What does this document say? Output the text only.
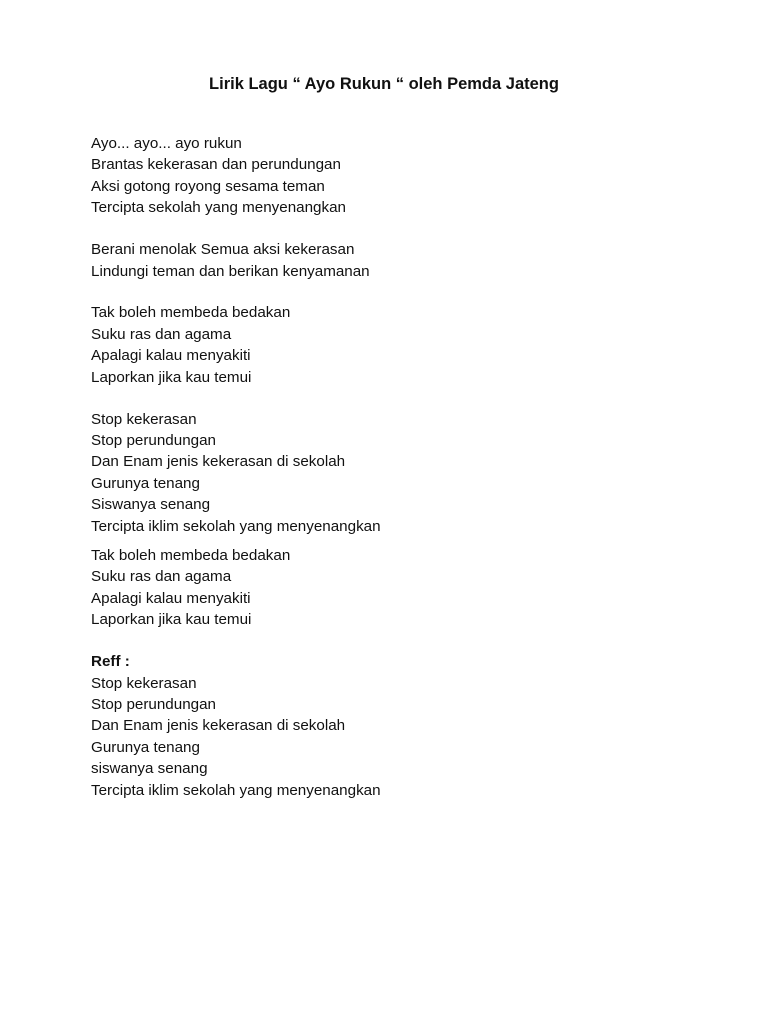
Lirik Lagu “ Ayo Rukun “ oleh Pemda Jateng
Ayo... ayo... ayo rukun
Brantas kekerasan dan perundungan
Aksi gotong royong sesama teman
Tercipta sekolah yang menyenangkan
Berani menolak Semua aksi kekerasan
Lindungi teman dan berikan kenyamanan
Tak boleh membeda bedakan
Suku ras dan agama
Apalagi kalau menyakiti
Laporkan jika kau temui
Stop kekerasan
Stop perundungan
Dan Enam jenis kekerasan di sekolah
Gurunya tenang
Siswanya senang
Tercipta iklim sekolah yang menyenangkan
Tak boleh membeda bedakan
Suku ras dan agama
Apalagi kalau menyakiti
Laporkan jika kau temui
Reff :
Stop kekerasan
Stop perundungan
Dan Enam jenis kekerasan di sekolah
Gurunya tenang
siswanya senang
Tercipta iklim sekolah yang menyenangkan
